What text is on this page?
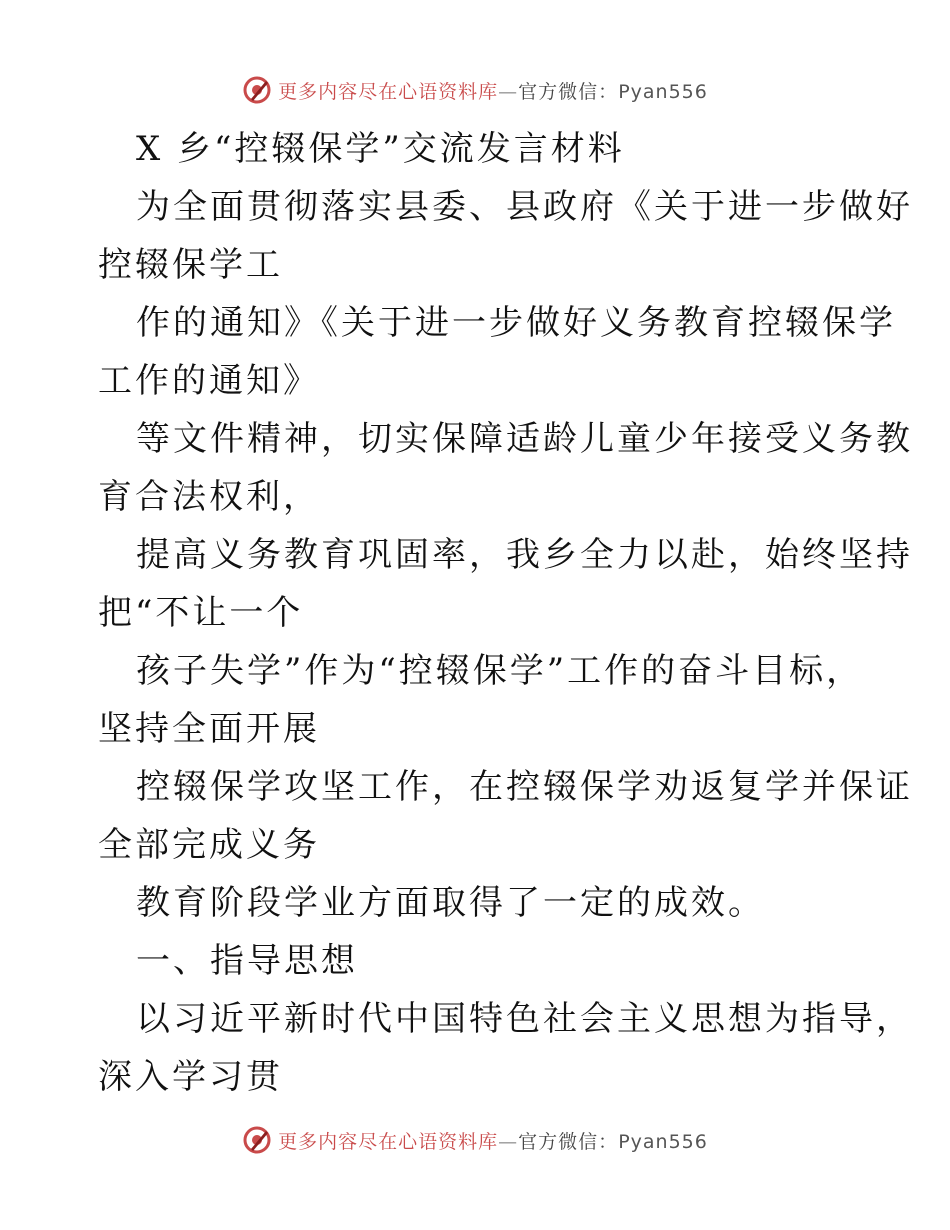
更多内容尽在心语资料库—官方微信：Pyan556
X 乡“控辍保学”交流发言材料
为全面贯彻落实县委、县政府《关于进一步做好
控辍保学工
作的通知》《关于进一步做好义务教育控辍保学
工作的通知》
等文件精神，切实保障适龄儿童少年接受义务教
育合法权利，
提高义务教育巩固率，我乡全力以赴，始终坚持
把“不让一个
孩子失学”作为“控辍保学”工作的奋斗目标，
坚持全面开展
控辍保学攻坚工作，在控辍保学劝返复学并保证
全部完成义务
教育阶段学业方面取得了一定的成效。
一、指导思想
以习近平新时代中国特色社会主义思想为指导，
深入学习贯
更多内容尽在心语资料库—官方微信：Pyan556
